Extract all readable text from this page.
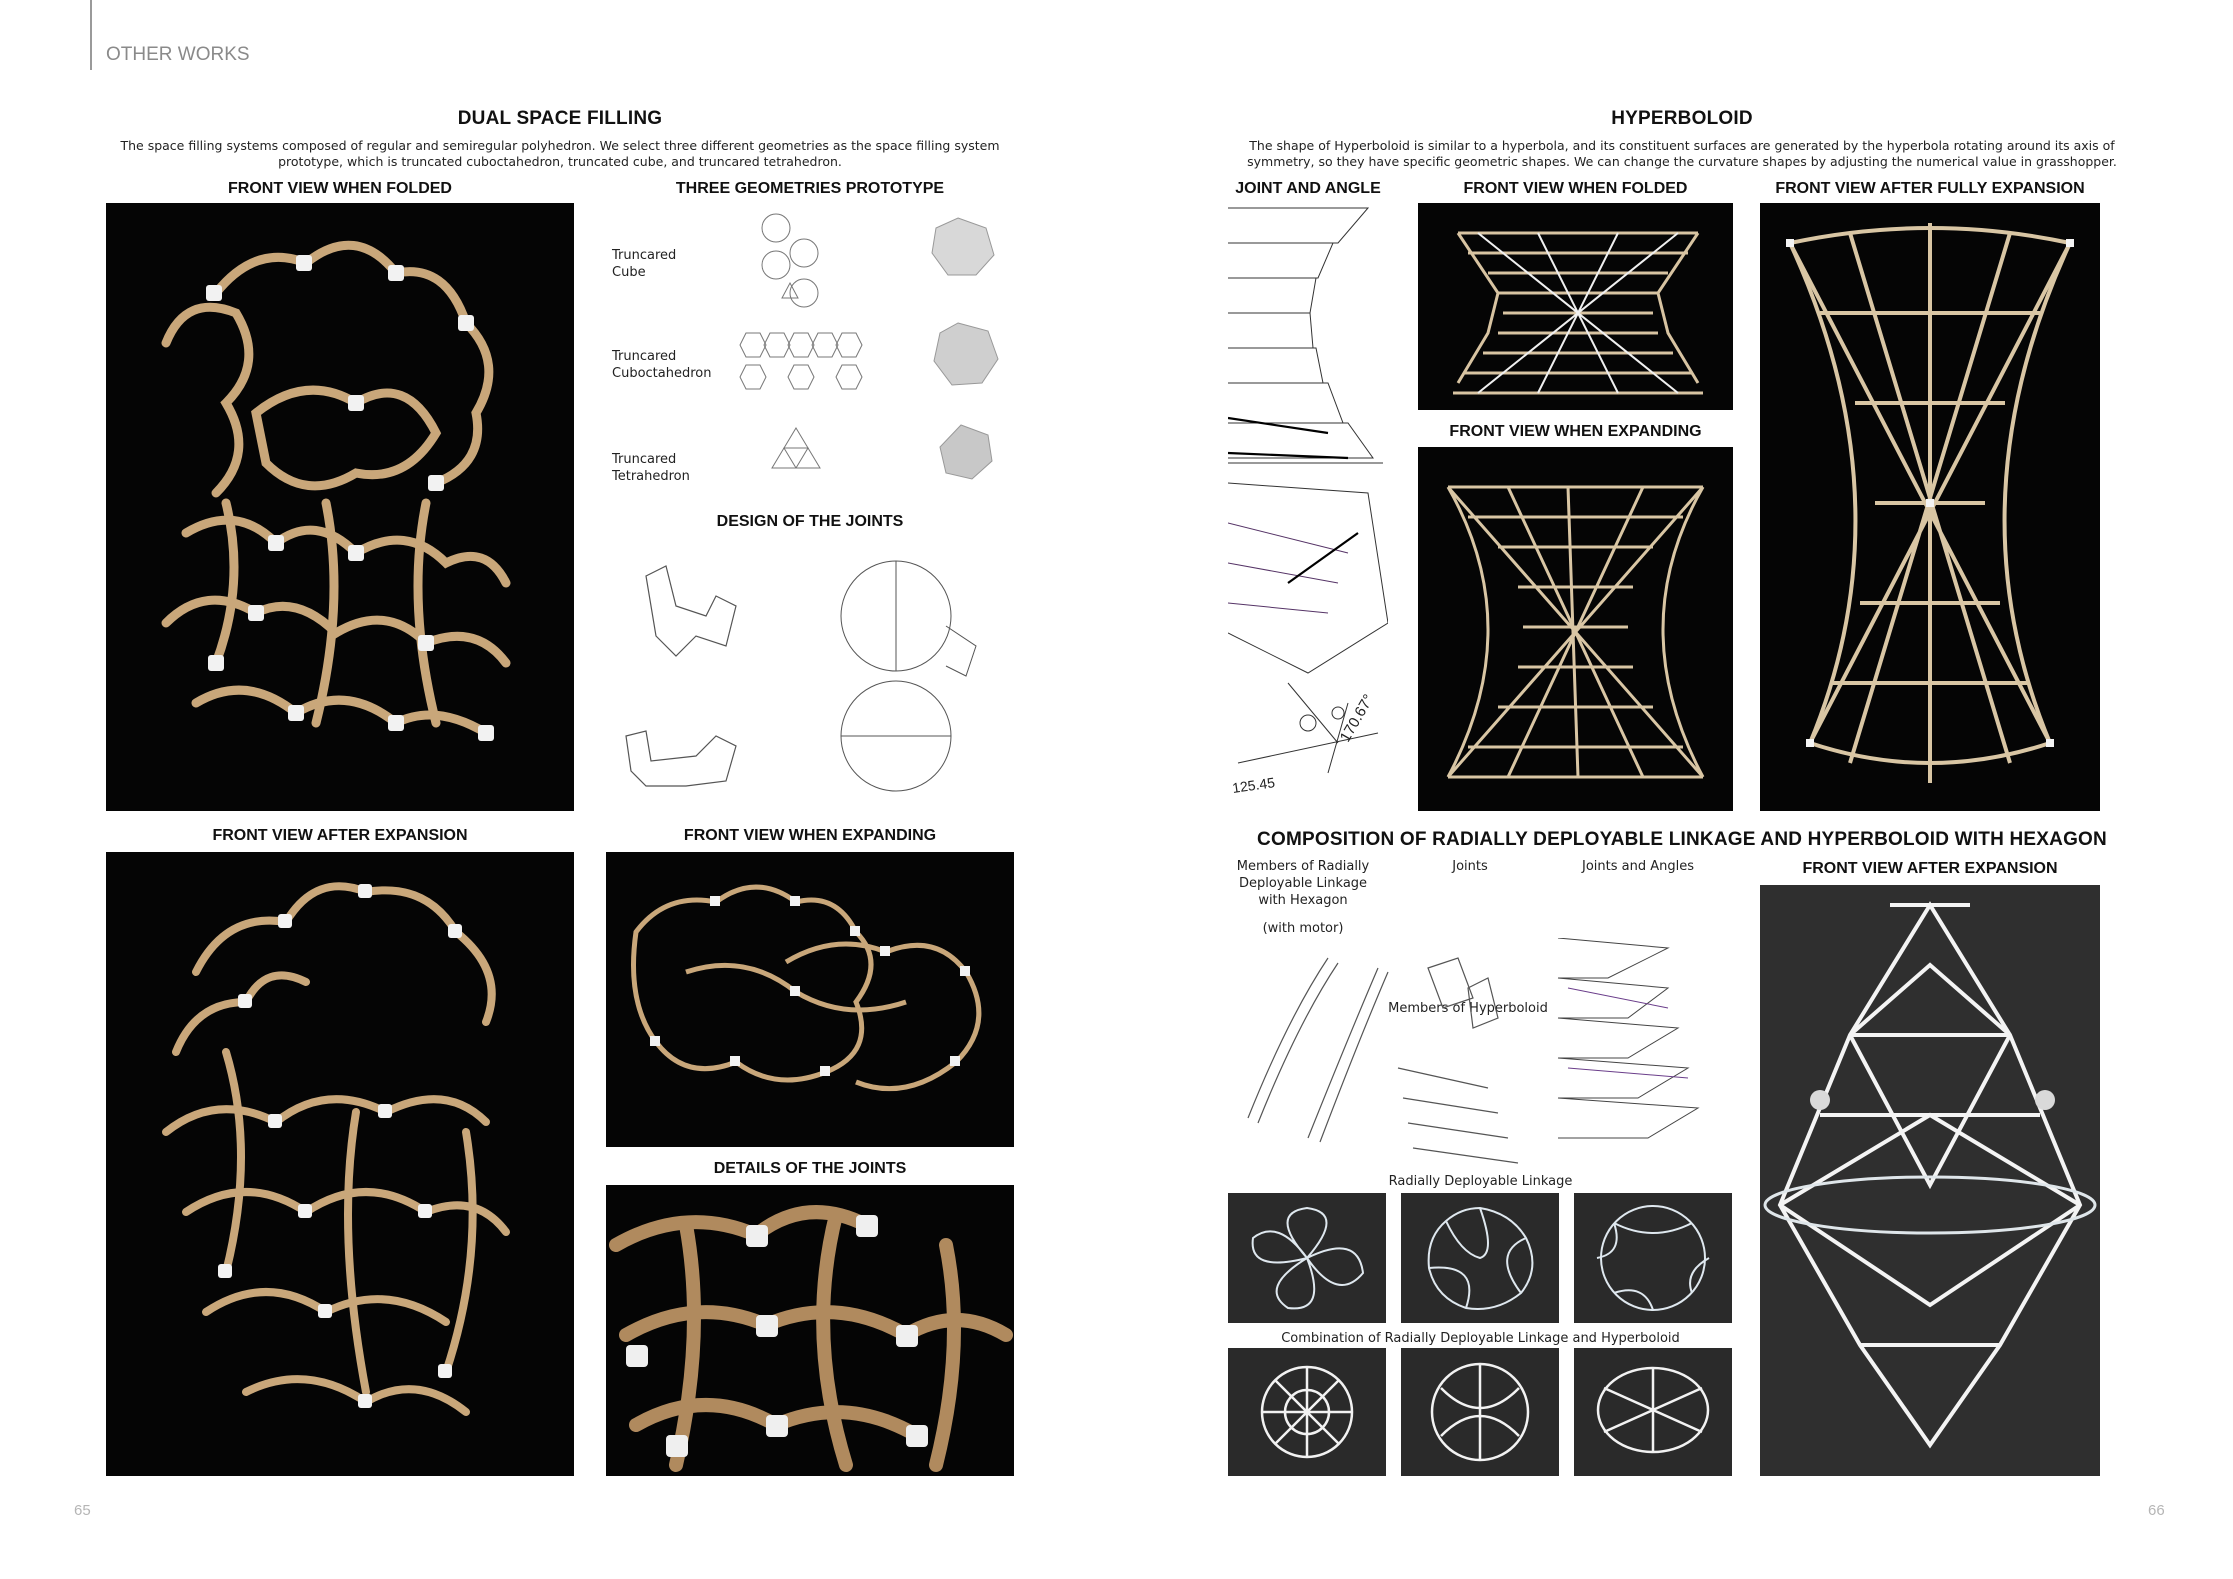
OTHER WORKS
DUAL SPACE FILLING
The space filling systems composed of regular and semiregular polyhedron. We select three different geometries as the space filling system prototype, which is truncated cuboctahedron, truncated cube, and truncared tetrahedron.
FRONT VIEW WHEN FOLDED	THREE GEOMETRIES PROTOTYPE
Truncared
Cube
Truncared
Cuboctahedron
Truncared
Tetrahedron
DESIGN OF THE JOINTS
FRONT VIEW AFTER EXPANSION	FRONT VIEW WHEN EXPANDING
DETAILS OF THE JOINTS
65
HYPERBOLOID
The shape of Hyperboloid is similar to a hyperbola, and its constituent surfaces are generated by the hyperbola rotating around its axis of symmetry, so they have specific geometric shapes. We can change the curvature shapes by adjusting the numerical value in grasshopper.
JOINT AND ANGLE
170.67°
125.45
FRONT VIEW WHEN FOLDED
FRONT VIEW WHEN EXPANDING
FRONT VIEW AFTER FULLY EXPANSION
COMPOSITION OF RADIALLY DEPLOYABLE LINKAGE AND HYPERBOLOID WITH HEXAGON
Members of Radially Deployable Linkage with Hexagon
(with motor)
Joints	Joints and Angles
Members of Hyperboloid
Radially Deployable Linkage
Combination of Radially Deployable Linkage and Hyperboloid
FRONT VIEW AFTER EXPANSION
66
